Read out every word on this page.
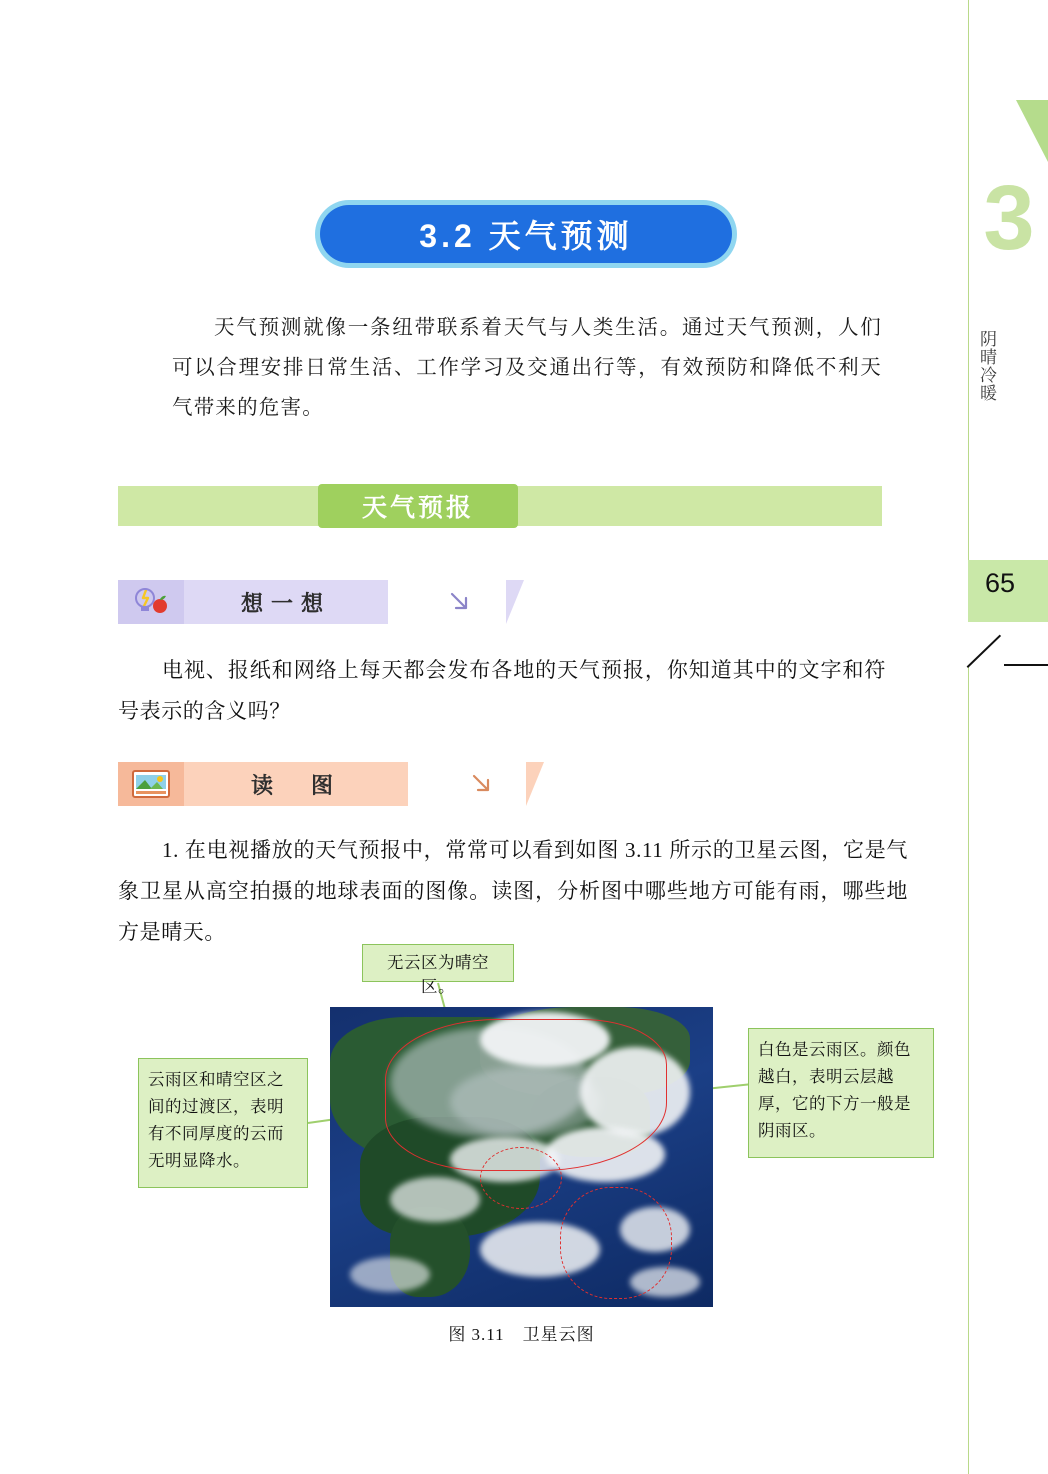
3
阴晴冷暖
65
3.2 天气预测
天气预测就像一条纽带联系着天气与人类生活。通过天气预测，人们可以合理安排日常生活、工作学习及交通出行等，有效预防和降低不利天气带来的危害。
天气预报
想一想
电视、报纸和网络上每天都会发布各地的天气预报，你知道其中的文字和符号表示的含义吗？
读　图
1. 在电视播放的天气预报中，常常可以看到如图 3.11 所示的卫星云图，它是气象卫星从高空拍摄的地球表面的图像。读图，分析图中哪些地方可能有雨，哪些地方是晴天。
图 3.11　卫星云图
无云区为晴空区。
云雨区和晴空区之间的过渡区，表明有不同厚度的云而无明显降水。
白色是云雨区。颜色越白，表明云层越厚，它的下方一般是阴雨区。
